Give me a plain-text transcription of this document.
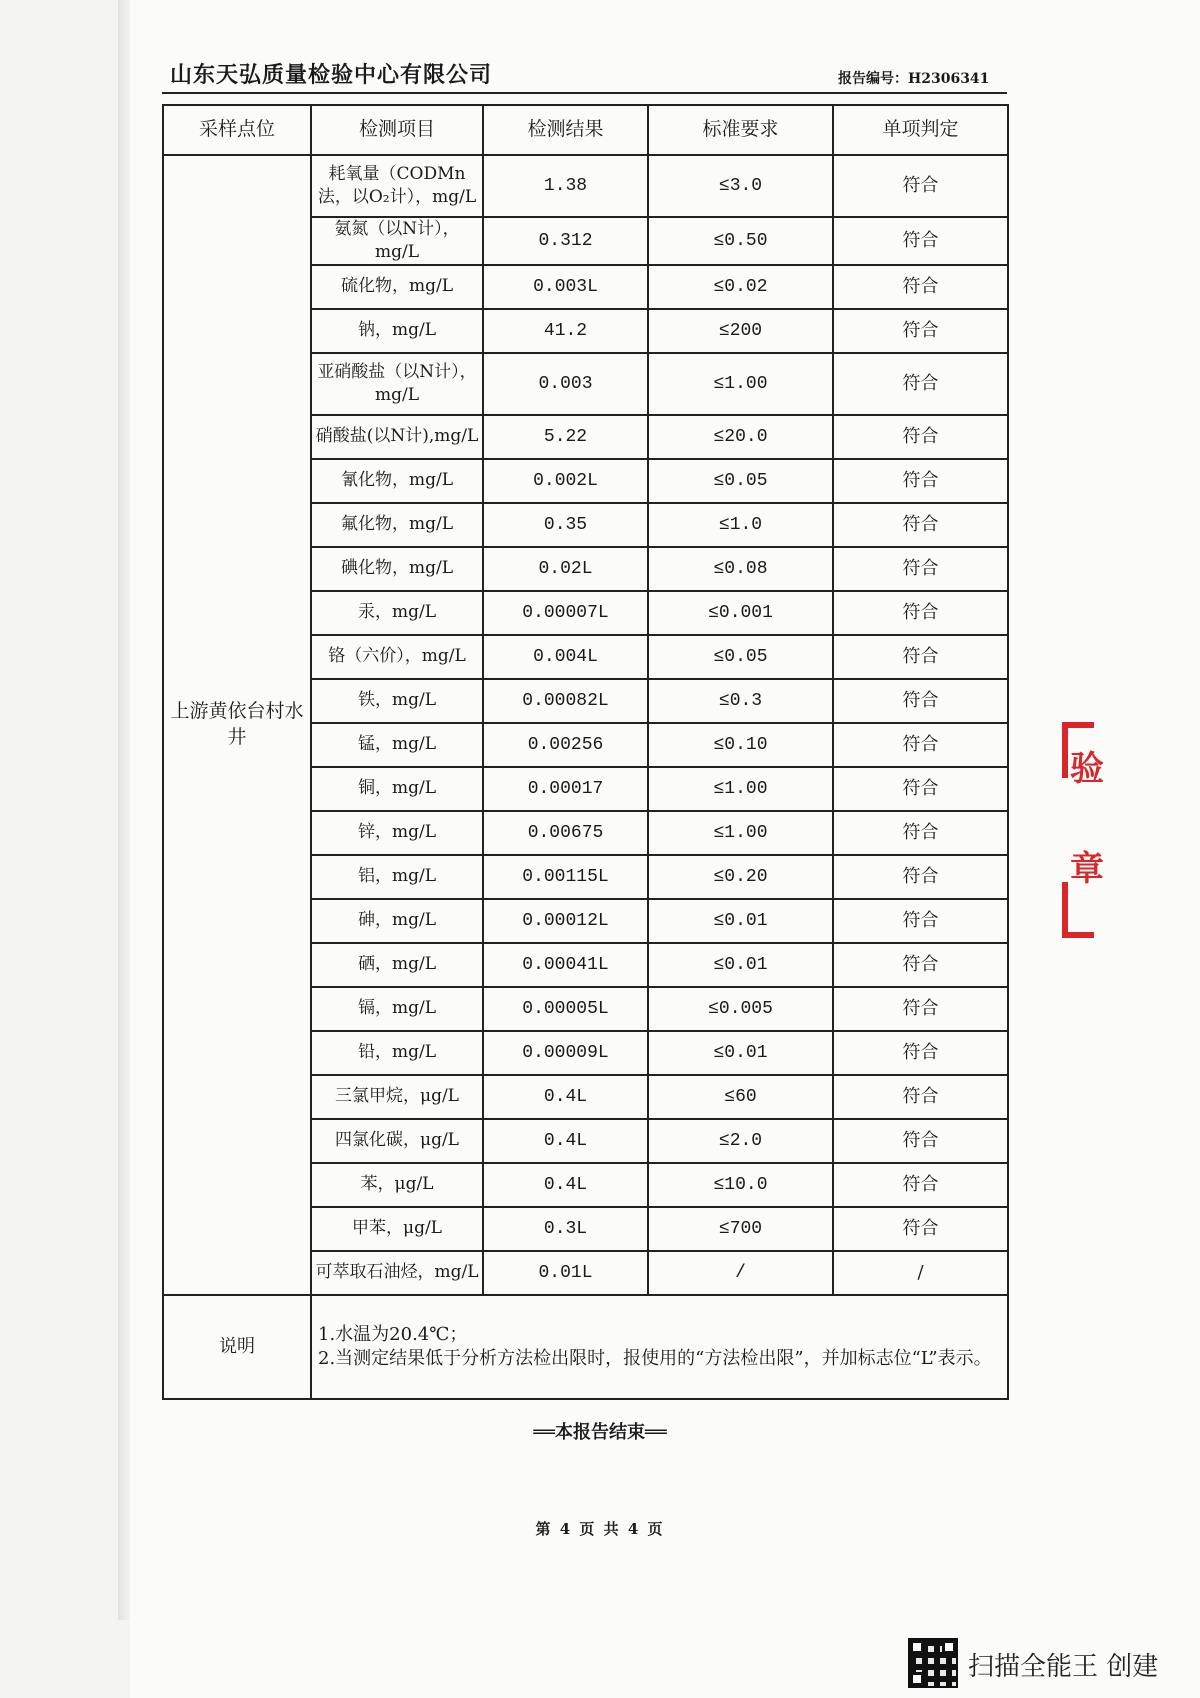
山东天弘质量检验中心有限公司	报告编号：H2306341
采样点位	检测项目	检测结果	标准要求	单项判定
上游黄依台村水井	耗氧量（CODMn法，以O₂计），mg/L	1.38	≤3.0	符合
	氨氮（以N计），mg/L	0.312	≤0.50	符合
	硫化物，mg/L	0.003L	≤0.02	符合
	钠，mg/L	41.2	≤200	符合
	亚硝酸盐（以N计），mg/L	0.003	≤1.00	符合
	硝酸盐(以N计),mg/L	5.22	≤20.0	符合
	氰化物，mg/L	0.002L	≤0.05	符合
	氟化物，mg/L	0.35	≤1.0	符合
	碘化物，mg/L	0.02L	≤0.08	符合
	汞，mg/L	0.00007L	≤0.001	符合
	铬（六价），mg/L	0.004L	≤0.05	符合
	铁，mg/L	0.00082L	≤0.3	符合
	锰，mg/L	0.00256	≤0.10	符合
	铜，mg/L	0.00017	≤1.00	符合
	锌，mg/L	0.00675	≤1.00	符合
	铝，mg/L	0.00115L	≤0.20	符合
	砷，mg/L	0.00012L	≤0.01	符合
	硒，mg/L	0.00041L	≤0.01	符合
	镉，mg/L	0.00005L	≤0.005	符合
	铅，mg/L	0.00009L	≤0.01	符合
	三氯甲烷，μg/L	0.4L	≤60	符合
	四氯化碳，μg/L	0.4L	≤2.0	符合
	苯，μg/L	0.4L	≤10.0	符合
	甲苯，μg/L	0.3L	≤700	符合
	可萃取石油烃，mg/L	0.01L	/	/
说明	1.水温为20.4℃；
2.当测定结果低于分析方法检出限时，报使用的“方法检出限”，并加标志位“L”表示。			
══本报告结束══
第 4 页 共 4 页
验
章
扫描全能王 创建
